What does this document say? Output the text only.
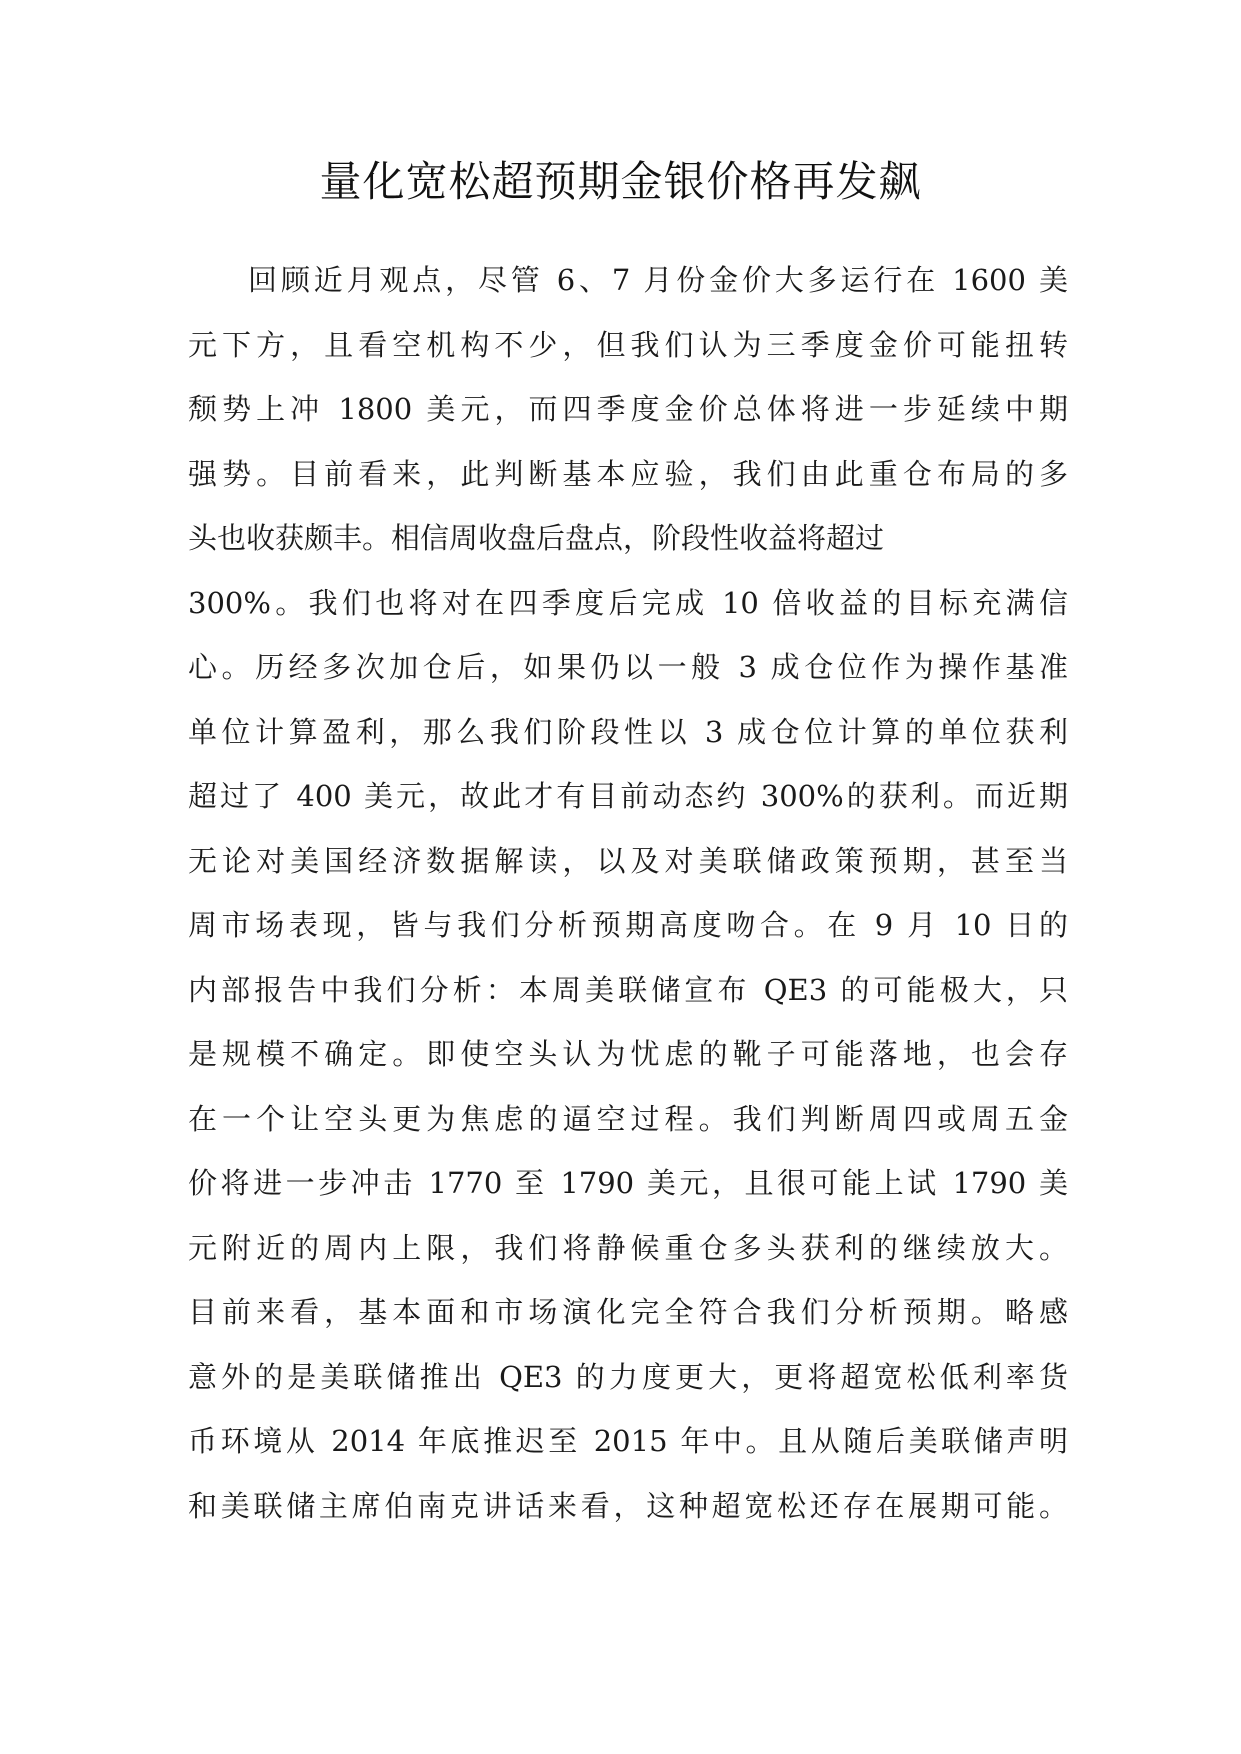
量化宽松超预期金银价格再发飙
回顾近月观点，尽管 6、7 月份金价大多运行在 1600 美
元下方，且看空机构不少，但我们认为三季度金价可能扭转
颓势上冲 1800 美元，而四季度金价总体将进一步延续中期
强势。目前看来，此判断基本应验，我们由此重仓布局的多
头也收获颇丰。相信周收盘后盘点，阶段性收益将超过
300%。我们也将对在四季度后完成 10 倍收益的目标充满信
心。历经多次加仓后，如果仍以一般 3 成仓位作为操作基准
单位计算盈利，那么我们阶段性以 3 成仓位计算的单位获利
超过了 400 美元，故此才有目前动态约 300%的获利。而近期
无论对美国经济数据解读，以及对美联储政策预期，甚至当
周市场表现，皆与我们分析预期高度吻合。在 9 月 10 日的
内部报告中我们分析：本周美联储宣布 QE3 的可能极大，只
是规模不确定。即使空头认为忧虑的靴子可能落地，也会存
在一个让空头更为焦虑的逼空过程。我们判断周四或周五金
价将进一步冲击 1770 至 1790 美元，且很可能上试 1790 美
元附近的周内上限，我们将静候重仓多头获利的继续放大。
目前来看，基本面和市场演化完全符合我们分析预期。略感
意外的是美联储推出 QE3 的力度更大，更将超宽松低利率货
币环境从 2014 年底推迟至 2015 年中。且从随后美联储声明
和美联储主席伯南克讲话来看，这种超宽松还存在展期可能。
